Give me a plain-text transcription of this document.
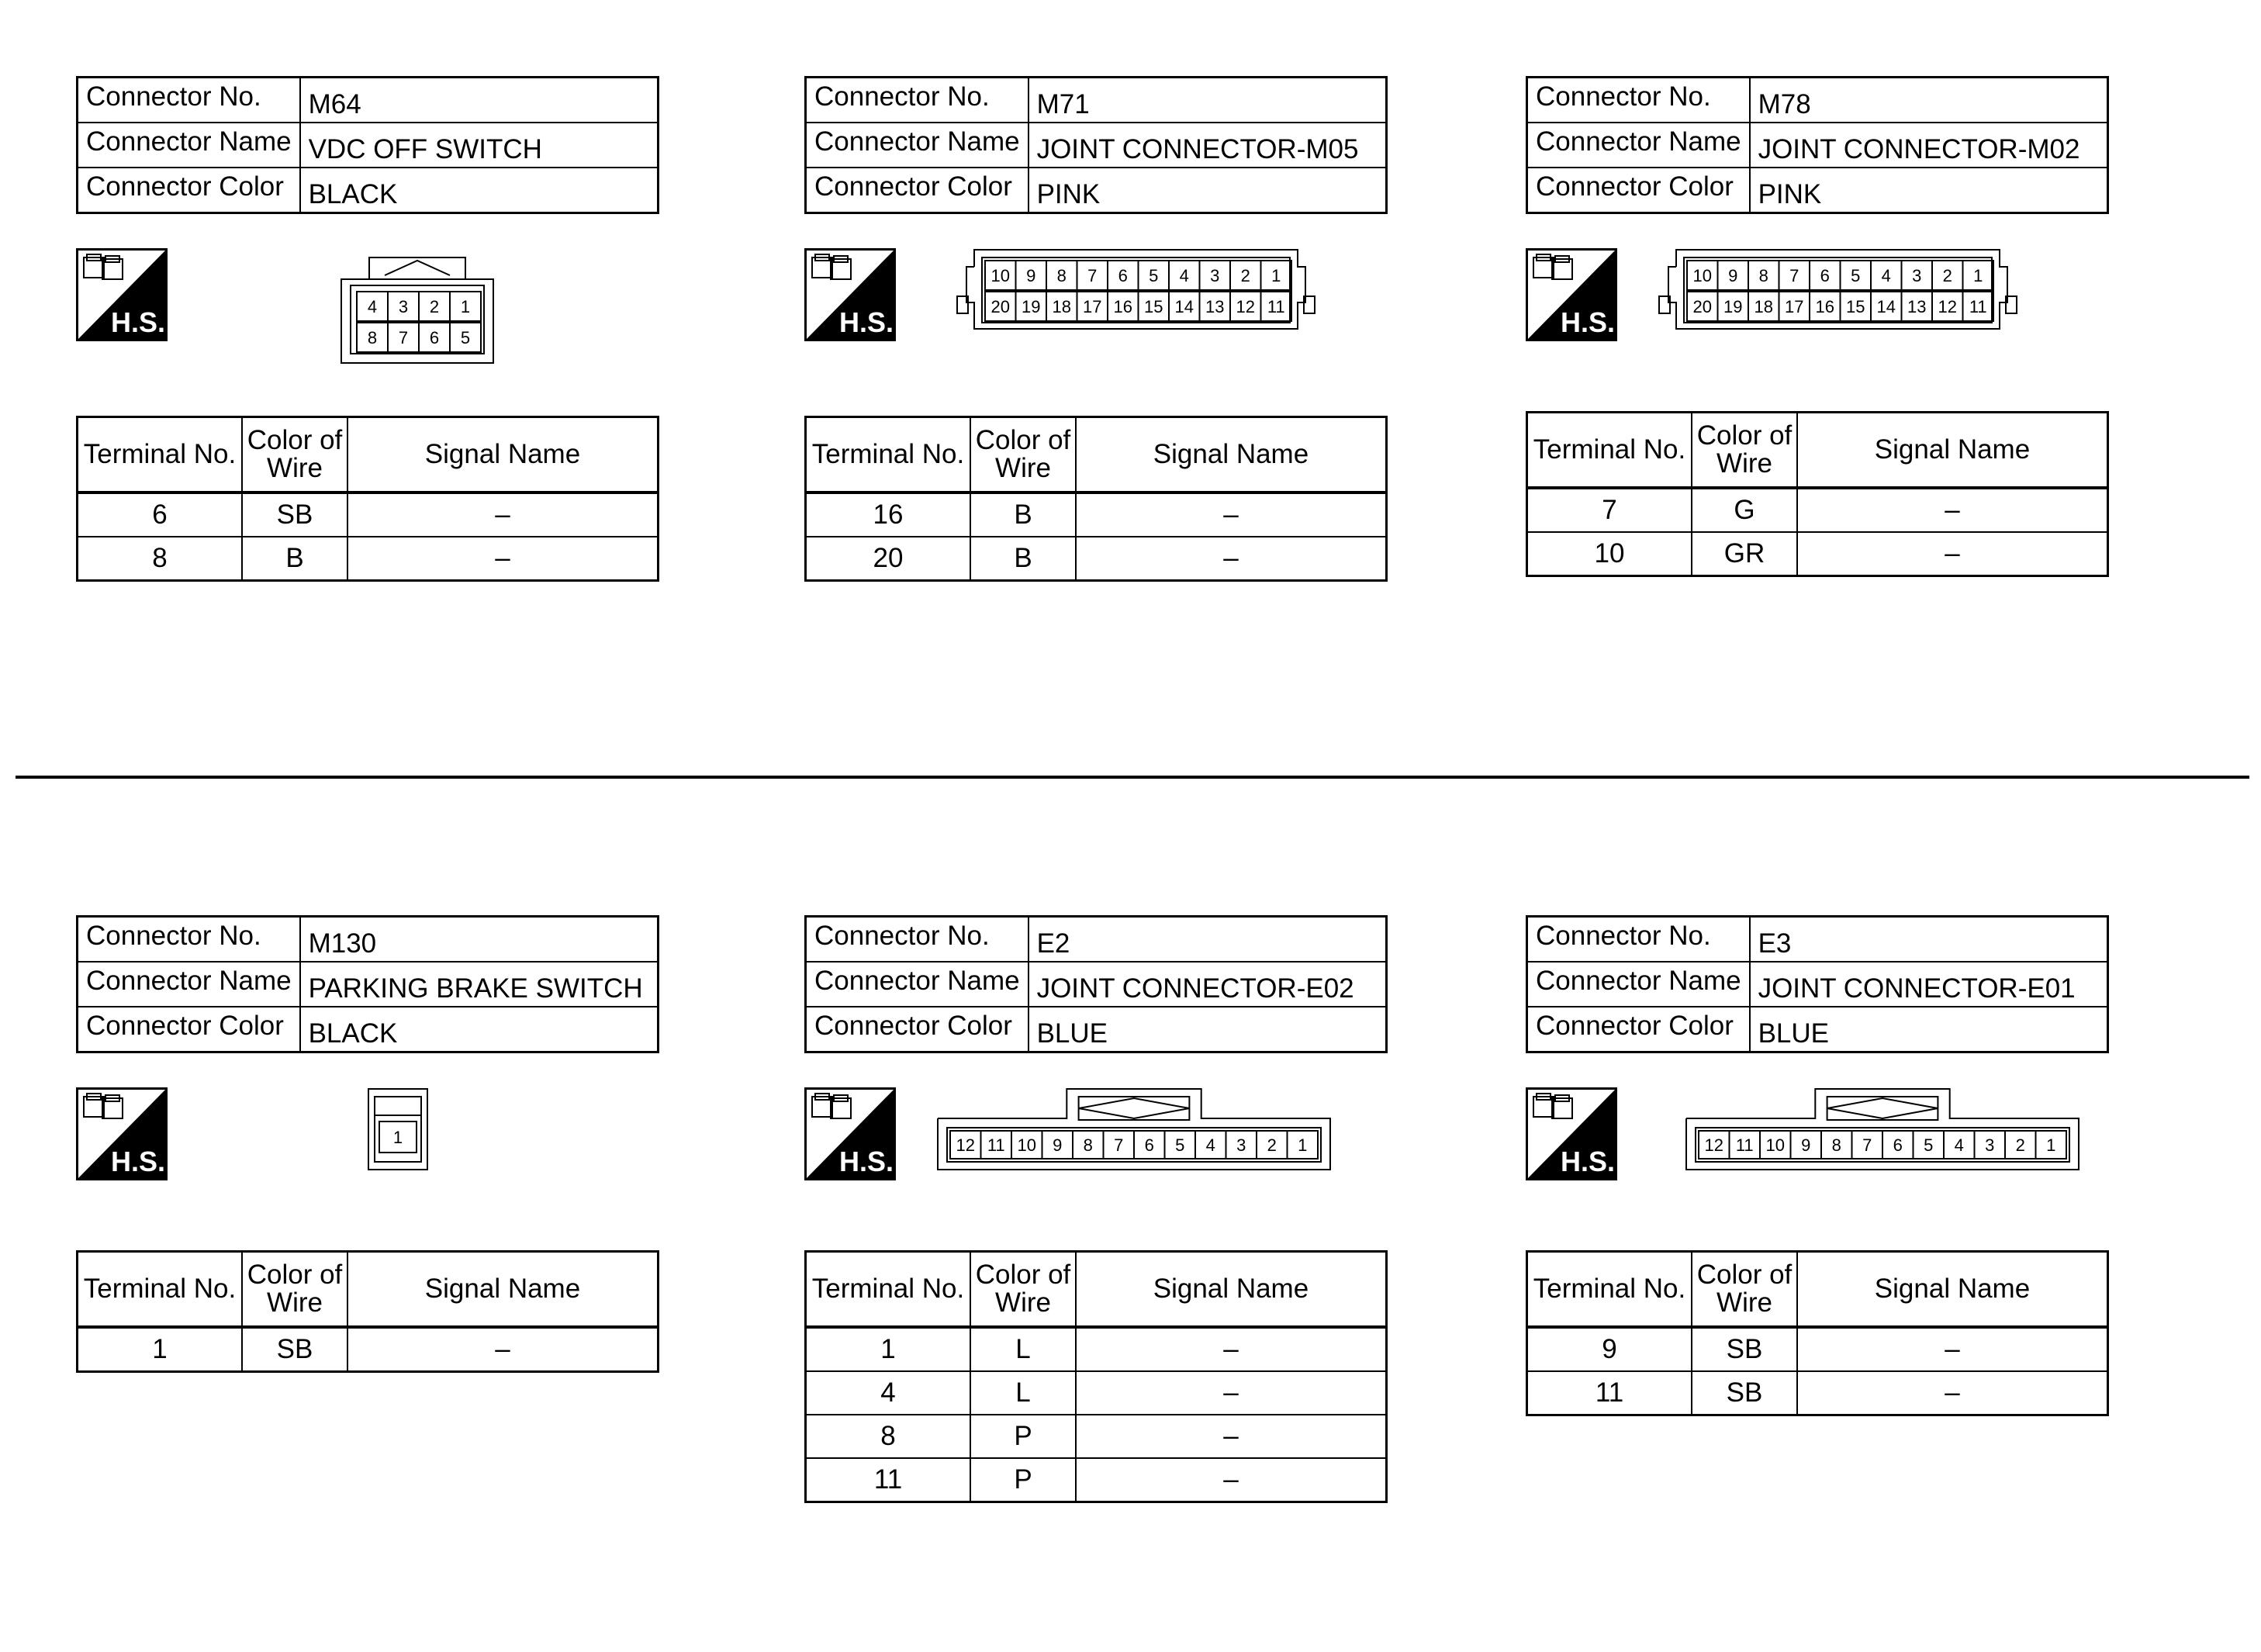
Connector No.	M64
Connector Name	VDC OFF SWITCH
Connector Color	BLACK
H.S.	4 3 2 1
8 7 6 5
Terminal No.	Color of Wire	Signal Name
6	SB	–
8	B	–
Connector No.	M71
Connector Name	JOINT CONNECTOR-M05
Connector Color	PINK
H.S.
10 9 8 7 6 5 4 3 2 1
20 19 18 17 16 15 14 13 12 11
Terminal No.	Color of Wire	Signal Name
16	B	–
20	B	–
Connector No.	M78
Connector Name	JOINT CONNECTOR-M02
Connector Color	PINK
H.S.
10 9 8 7 6 5 4 3 2 1
20 19 18 17 16 15 14 13 12 11
Terminal No.	Color of Wire	Signal Name
7	G	–
10	GR	–
Connector No.	M130
Connector Name	PARKING BRAKE SWITCH
Connector Color	BLACK
H.S.
1
Terminal No.	Color of Wire	Signal Name
1	SB	–
Connector No.	E2
Connector Name	JOINT CONNECTOR-E02
Connector Color	BLUE
H.S.
12 11 10 9 8 7 6 5 4 3 2 1
Terminal No.	Color of Wire	Signal Name
1	L	–
4	L	–
8	P	–
11	P	–
Connector No.	E3
Connector Name	JOINT CONNECTOR-E01
Connector Color	BLUE
H.S.
12 11 10 9 8 7 6 5 4 3 2 1
Terminal No.	Color of Wire	Signal Name
9	SB	–
11	SB	–
